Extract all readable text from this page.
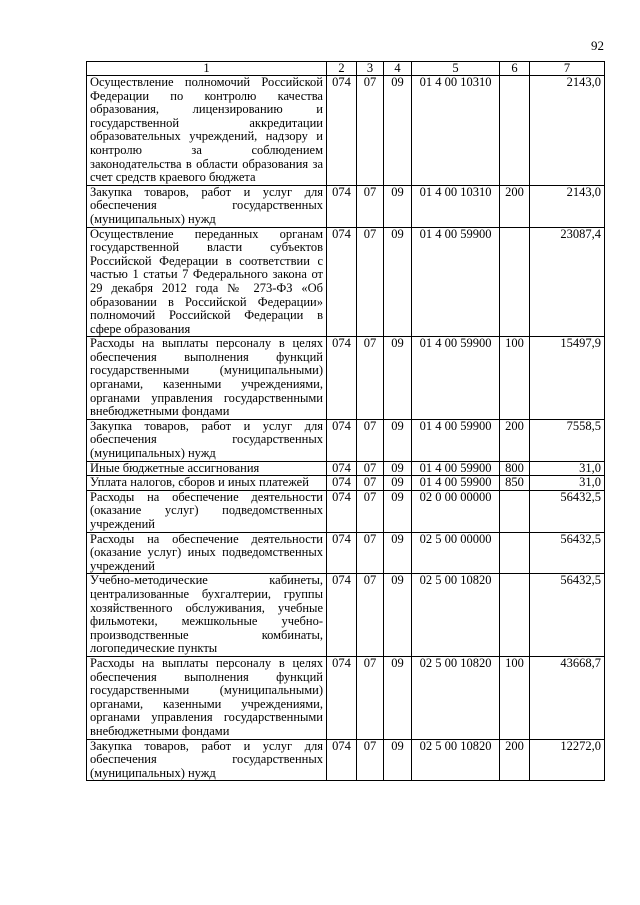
92
1	2	3	4	5	6	7
Осуществление полномочий Российской Федерации по контролю качества образования, лицензированию и государственной аккредитации образовательных учреждений, надзору и контролю за соблюдением законодательства в области образования за счет средств краевого бюджета	074	07	09	01 4 00 10310		2143,0
Закупка товаров, работ и услуг для обеспечения государственных (муниципальных) нужд	074	07	09	01 4 00 10310	200	2143,0
Осуществление переданных органам государственной власти субъектов Российской Федерации в соответствии с частью 1 статьи 7 Федерального закона от 29 декабря 2012 года № 273-ФЗ «Об образовании в Российской Федерации» полномочий Российской Федерации в сфере образования	074	07	09	01 4 00 59900		23087,4
Расходы на выплаты персоналу в целях обеспечения выполнения функций государственными (муниципальными) органами, казенными учреждениями, органами управления государственными внебюджетными фондами	074	07	09	01 4 00 59900	100	15497,9
Закупка товаров, работ и услуг для обеспечения государственных (муниципальных) нужд	074	07	09	01 4 00 59900	200	7558,5
Иные бюджетные ассигнования	074	07	09	01 4 00 59900	800	31,0
Уплата налогов, сборов и иных платежей	074	07	09	01 4 00 59900	850	31,0
Расходы на обеспечение деятельности (оказание услуг) подведомственных учреждений	074	07	09	02 0 00 00000		56432,5
Расходы на обеспечение деятельности (оказание услуг) иных подведомственных учреждений	074	07	09	02 5 00 00000		56432,5
Учебно-методические кабинеты, централизованные бухгалтерии, группы хозяйственного обслуживания, учебные фильмотеки, межшкольные учебно-производственные комбинаты, логопедические пункты	074	07	09	02 5 00 10820		56432,5
Расходы на выплаты персоналу в целях обеспечения выполнения функций государственными (муниципальными) органами, казенными учреждениями, органами управления государственными внебюджетными фондами	074	07	09	02 5 00 10820	100	43668,7
Закупка товаров, работ и услуг для обеспечения государственных (муниципальных) нужд	074	07	09	02 5 00 10820	200	12272,0
